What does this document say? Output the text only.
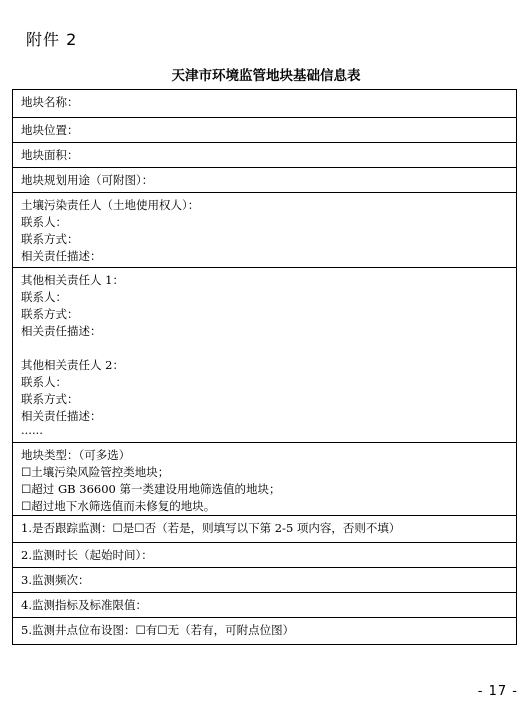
附件 2
天津市环境监管地块基础信息表
地块名称：
地块位置：
地块面积：
地块规划用途（可附图）：
土壤污染责任人（土地使用权人）：
联系人：
联系方式：
相关责任描述：
其他相关责任人 1：
联系人：
联系方式：
相关责任描述：
其他相关责任人 2：
联系人：
联系方式：
相关责任描述：
······
地块类型：（可多选）
☐土壤污染风险管控类地块；
☐超过 GB 36600 第一类建设用地筛选值的地块；
☐超过地下水筛选值而未修复的地块。
1.是否跟踪监测：☐是☐否（若是，则填写以下第 2-5 项内容，否则不填）
2.监测时长（起始时间）：
3.监测频次：
4.监测指标及标准限值：
5.监测井点位布设图：☐有☐无（若有，可附点位图）
- 17 -
